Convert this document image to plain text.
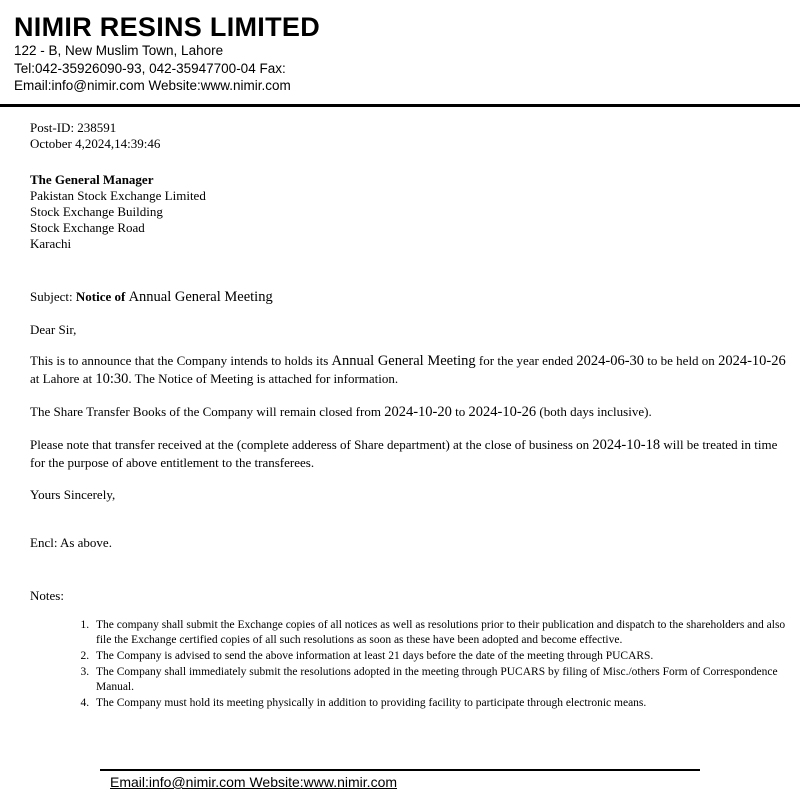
NIMIR RESINS LIMITED
122 - B, New Muslim Town, Lahore
Tel:042-35926090-93, 042-35947700-04 Fax:
Email:info@nimir.com Website:www.nimir.com
Post-ID: 238591
October 4,2024,14:39:46
The General Manager
Pakistan Stock Exchange Limited
Stock Exchange Building
Stock Exchange Road
Karachi

Subject: Notice of Annual General Meeting

Dear Sir,

This is to announce that the Company intends to holds its Annual General Meeting for the year ended 2024-06-30 to be held on 2024-10-26 at Lahore at 10:30. The Notice of Meeting is attached for information.

The Share Transfer Books of the Company will remain closed from 2024-10-20 to 2024-10-26 (both days inclusive).

Please note that transfer received at the (complete adderess of Share department) at the close of business on 2024-10-18 will be treated in time for the purpose of above entitlement to the transferees.

Yours Sincerely,

Encl: As above.

Notes:

1. The company shall submit the Exchange copies of all notices as well as resolutions prior to their publication and dispatch to the shareholders and also file the Exchange certified copies of all such resolutions as soon as these have been adopted and become effective.
2. The Company is advised to send the above information at least 21 days before the date of the meeting through PUCARS.
3. The Company shall immediately submit the resolutions adopted in the meeting through PUCARS by filing of Misc./others Form of Correspondence Manual.
4. The Company must hold its meeting physically in addition to providing facility to participate through electronic means.
Email:info@nimir.com Website:www.nimir.com
